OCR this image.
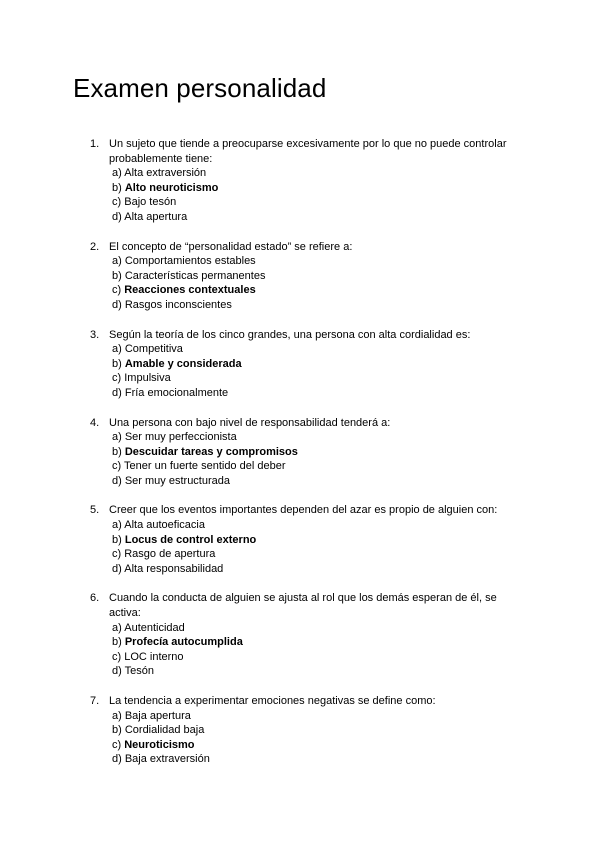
Examen personalidad
1. Un sujeto que tiende a preocuparse excesivamente por lo que no puede controlar probablemente tiene:
a) Alta extraversión
b) Alto neuroticismo
c) Bajo tesón
d) Alta apertura
2. El concepto de “personalidad estado” se refiere a:
a) Comportamientos estables
b) Características permanentes
c) Reacciones contextuales
d) Rasgos inconscientes
3. Según la teoría de los cinco grandes, una persona con alta cordialidad es:
a) Competitiva
b) Amable y considerada
c) Impulsiva
d) Fría emocionalmente
4. Una persona con bajo nivel de responsabilidad tenderá a:
a) Ser muy perfeccionista
b) Descuidar tareas y compromisos
c) Tener un fuerte sentido del deber
d) Ser muy estructurada
5. Creer que los eventos importantes dependen del azar es propio de alguien con:
a) Alta autoeficacia
b) Locus de control externo
c) Rasgo de apertura
d) Alta responsabilidad
6. Cuando la conducta de alguien se ajusta al rol que los demás esperan de él, se activa:
a) Autenticidad
b) Profecía autocumplida
c) LOC interno
d) Tesón
7. La tendencia a experimentar emociones negativas se define como:
a) Baja apertura
b) Cordialidad baja
c) Neuroticismo
d) Baja extraversión
